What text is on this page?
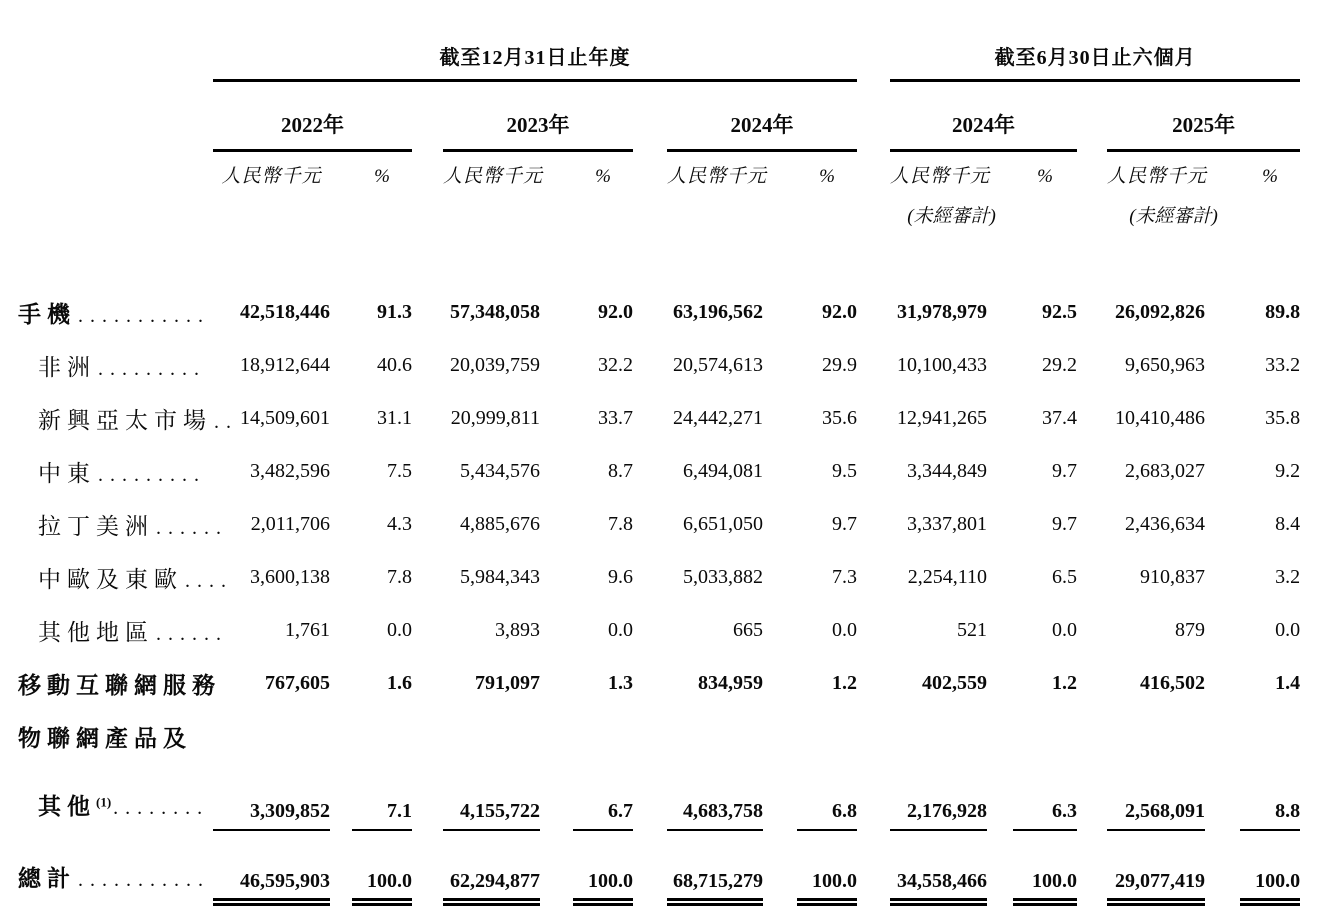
	截至12月31日止年度												截至6月30日止六個月						
	2022年				2023年				2024年				2024年				2025年		
	人民幣千元		%		人民幣千元		%		人民幣千元		%		人民幣千元		%		人民幣千元		%
													(未經審計)				(未經審計)		

手機 ...........	42,518,446		91.3		57,348,058		92.0		63,196,562		92.0		31,978,979		92.5		26,092,826		89.8
非洲 .........	18,912,644		40.6		20,039,759		32.2		20,574,613		29.9		10,100,433		29.2		9,650,963		33.2
新興亞太市場 ..	14,509,601		31.1		20,999,811		33.7		24,442,271		35.6		12,941,265		37.4		10,410,486		35.8
中東 .........	3,482,596		7.5		5,434,576		8.7		6,494,081		9.5		3,344,849		9.7		2,683,027		9.2
拉丁美洲 ......	2,011,706		4.3		4,885,676		7.8		6,651,050		9.7		3,337,801		9.7		2,436,634		8.4
中歐及東歐 ....	3,600,138		7.8		5,984,343		9.6		5,033,882		7.3		2,254,110		6.5		910,837		3.2
其他地區 ......	1,761		0.0		3,893		0.0		665		0.0		521		0.0		879		0.0
移動互聯網服務	767,605		1.6		791,097		1.3		834,959		1.2		402,559		1.2		416,502		1.4
物聯網產品及																			
其他$^{(1)}$ ........	3,309,852		7.1		4,155,722		6.7		4,683,758		6.8		2,176,928		6.3		2,568,091		8.8

總計 ...........	46,595,903		100.0		62,294,877		100.0		68,715,279		100.0		34,558,466		100.0		29,077,419		100.0
